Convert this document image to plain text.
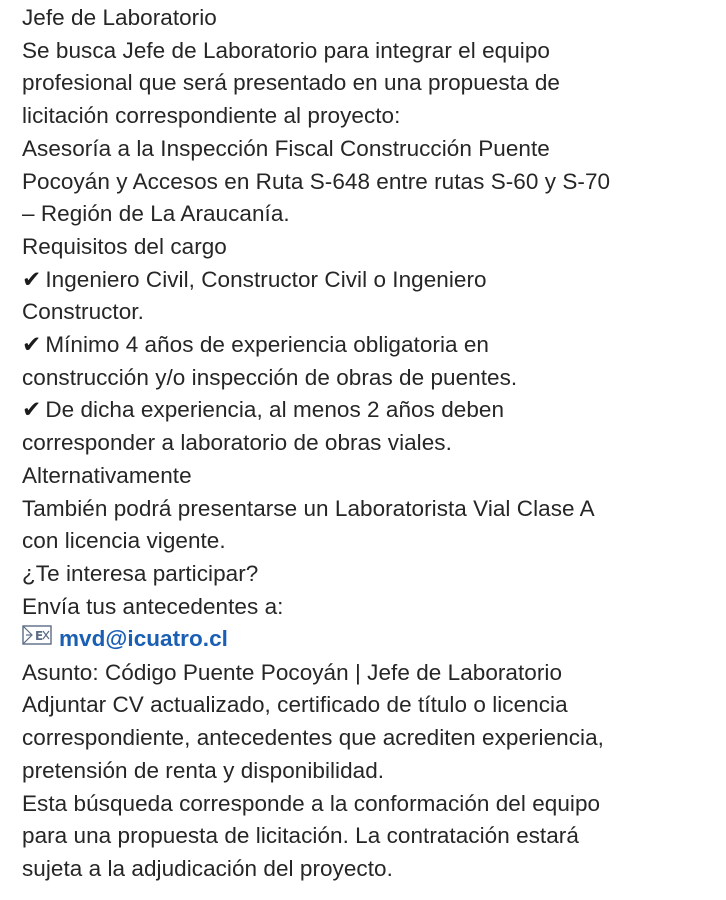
Jefe de Laboratorio
Se busca Jefe de Laboratorio para integrar el equipo
profesional que será presentado en una propuesta de
licitación correspondiente al proyecto:
Asesoría a la Inspección Fiscal Construcción Puente
Pocoyán y Accesos en Ruta S-648 entre rutas S-60 y S-70
– Región de La Araucanía.
Requisitos del cargo
✔ Ingeniero Civil, Constructor Civil o Ingeniero
Constructor.
✔ Mínimo 4 años de experiencia obligatoria en
construcción y/o inspección de obras de puentes.
✔ De dicha experiencia, al menos 2 años deben
corresponder a laboratorio de obras viales.
Alternativamente
También podrá presentarse un Laboratorista Vial Clase A
con licencia vigente.
¿Te interesa participar?
Envía tus antecedentes a:
E mvd@icuatro.cl
Asunto: Código Puente Pocoyán | Jefe de Laboratorio
Adjuntar CV actualizado, certificado de título o licencia
correspondiente, antecedentes que acrediten experiencia,
pretensión de renta y disponibilidad.
Esta búsqueda corresponde a la conformación del equipo
para una propuesta de licitación. La contratación estará
sujeta a la adjudicación del proyecto.
